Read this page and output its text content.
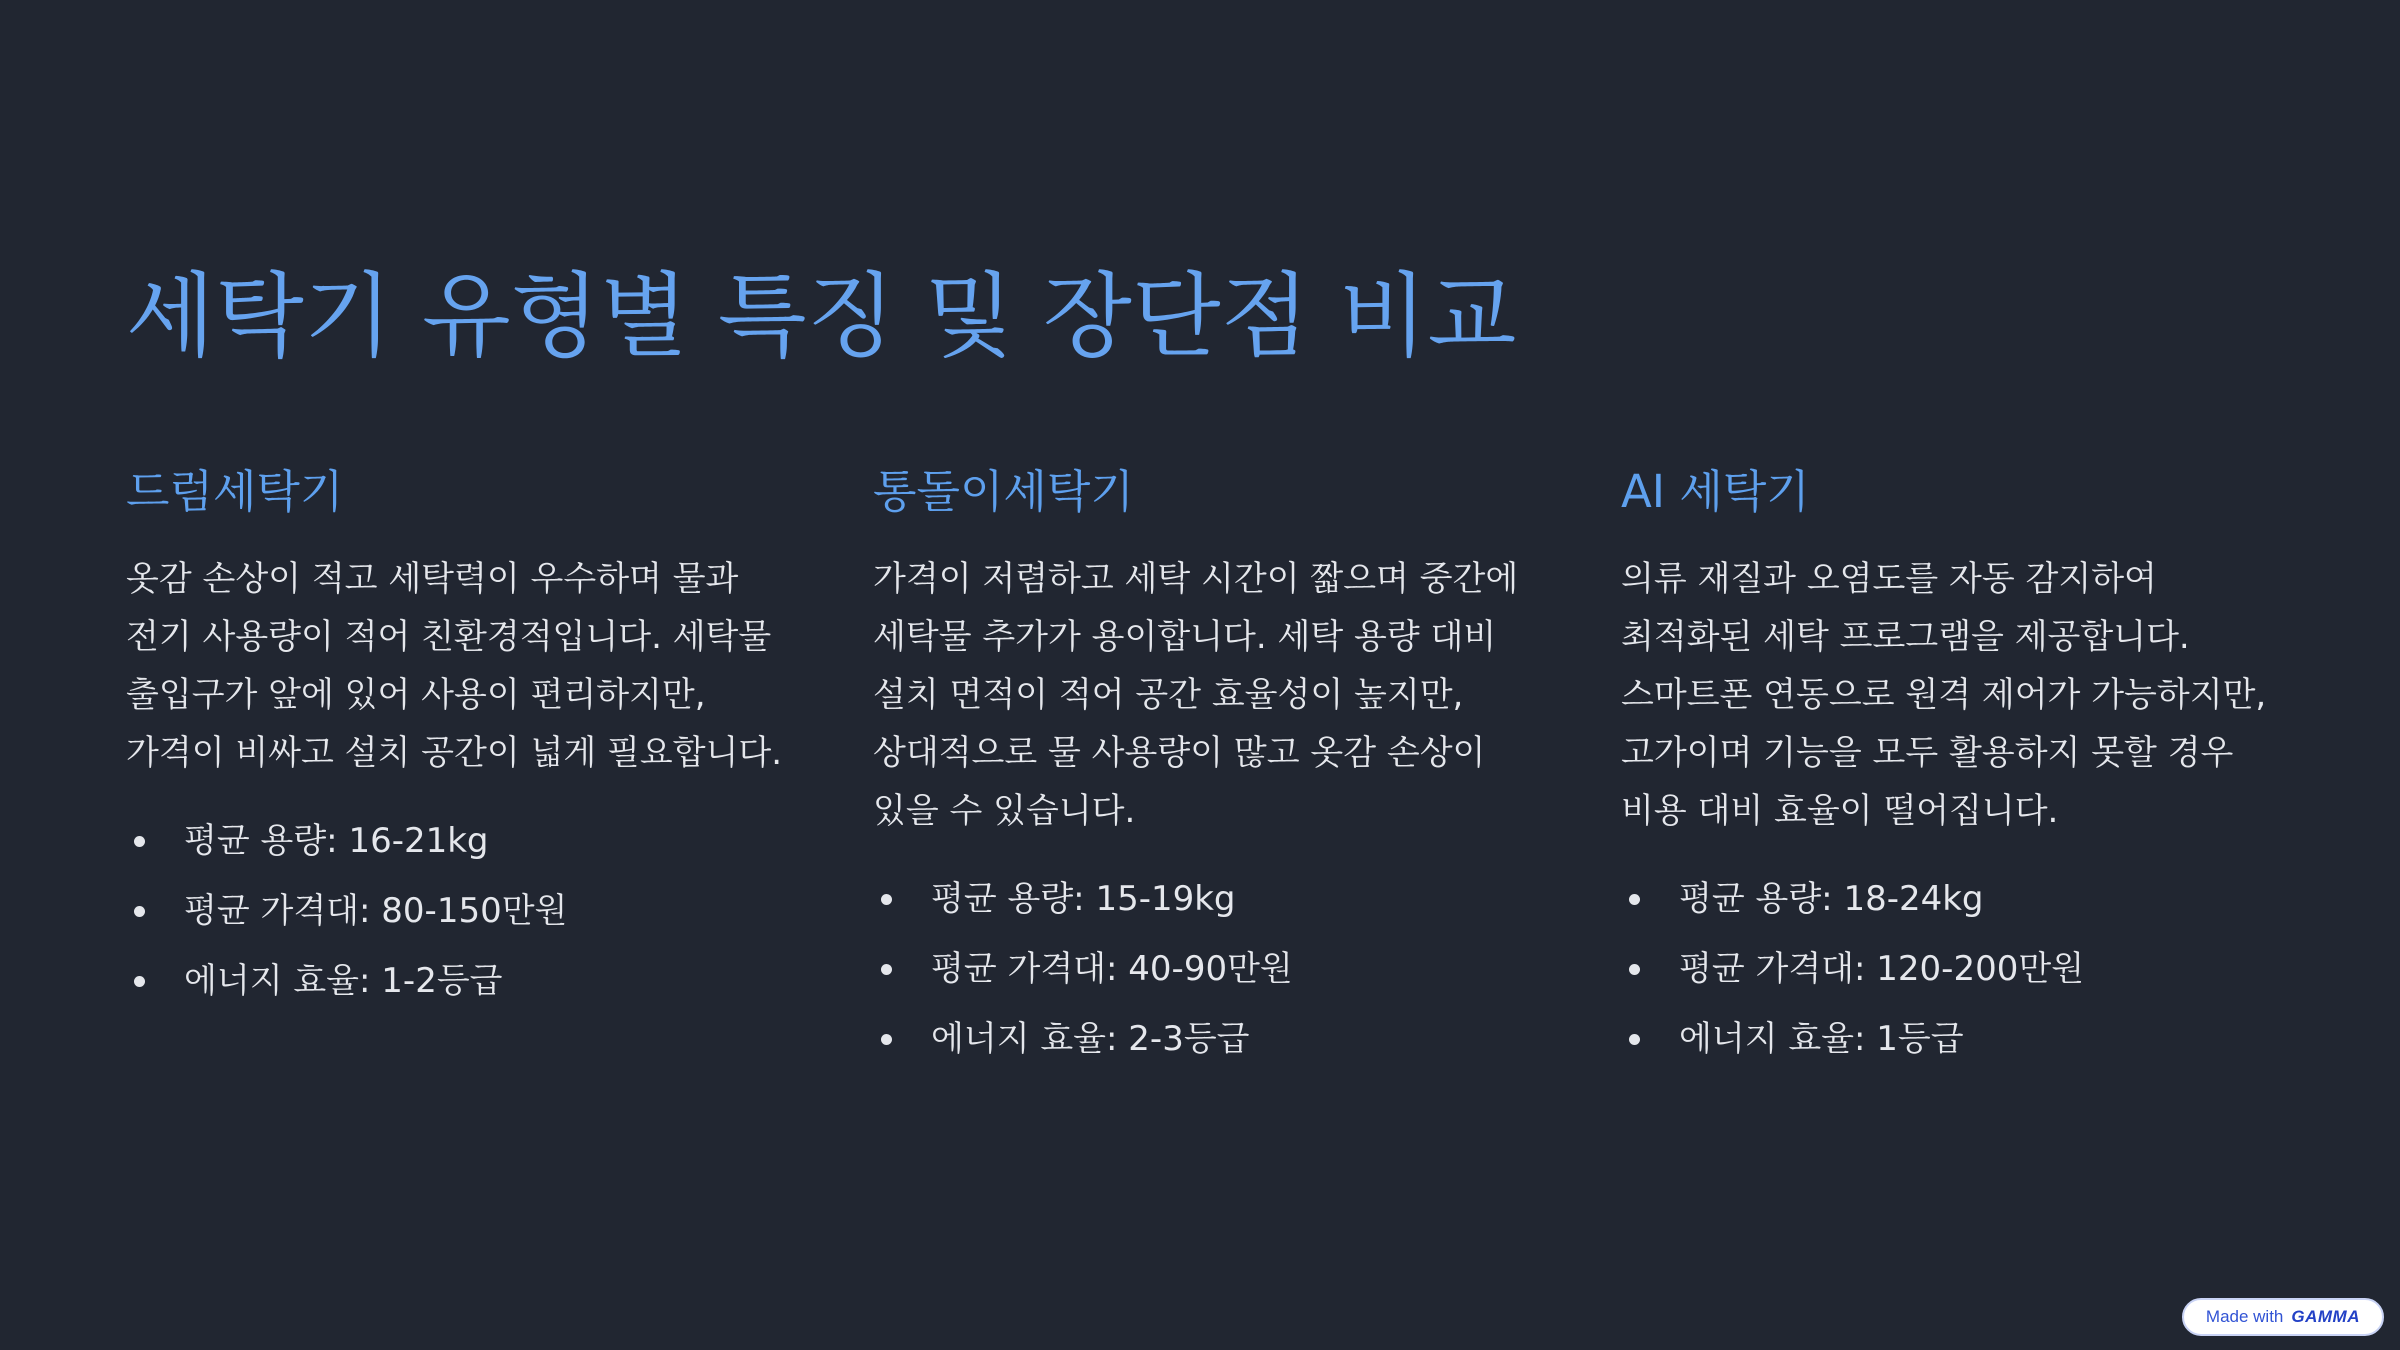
세탁기 유형별 특징 및 장단점 비교
드럼세탁기

옷감 손상이 적고 세탁력이 우수하며 물과 전기 사용량이 적어 친환경적입니다. 세탁물 출입구가 앞에 있어 사용이 편리하지만, 가격이 비싸고 설치 공간이 넓게 필요합니다.

평균 용량: 16-21kg
평균 가격대: 80-150만원
에너지 효율: 1-2등급
통돌이세탁기

가격이 저렴하고 세탁 시간이 짧으며 중간에 세탁물 추가가 용이합니다. 세탁 용량 대비 설치 면적이 적어 공간 효율성이 높지만, 상대적으로 물 사용량이 많고 옷감 손상이 있을 수 있습니다.

평균 용량: 15-19kg
평균 가격대: 40-90만원
에너지 효율: 2-3등급
AI 세탁기

의류 재질과 오염도를 자동 감지하여 최적화된 세탁 프로그램을 제공합니다. 스마트폰 연동으로 원격 제어가 가능하지만, 고가이며 기능을 모두 활용하지 못할 경우 비용 대비 효율이 떨어집니다.

평균 용량: 18-24kg
평균 가격대: 120-200만원
에너지 효율: 1등급
Made with GAMMA
